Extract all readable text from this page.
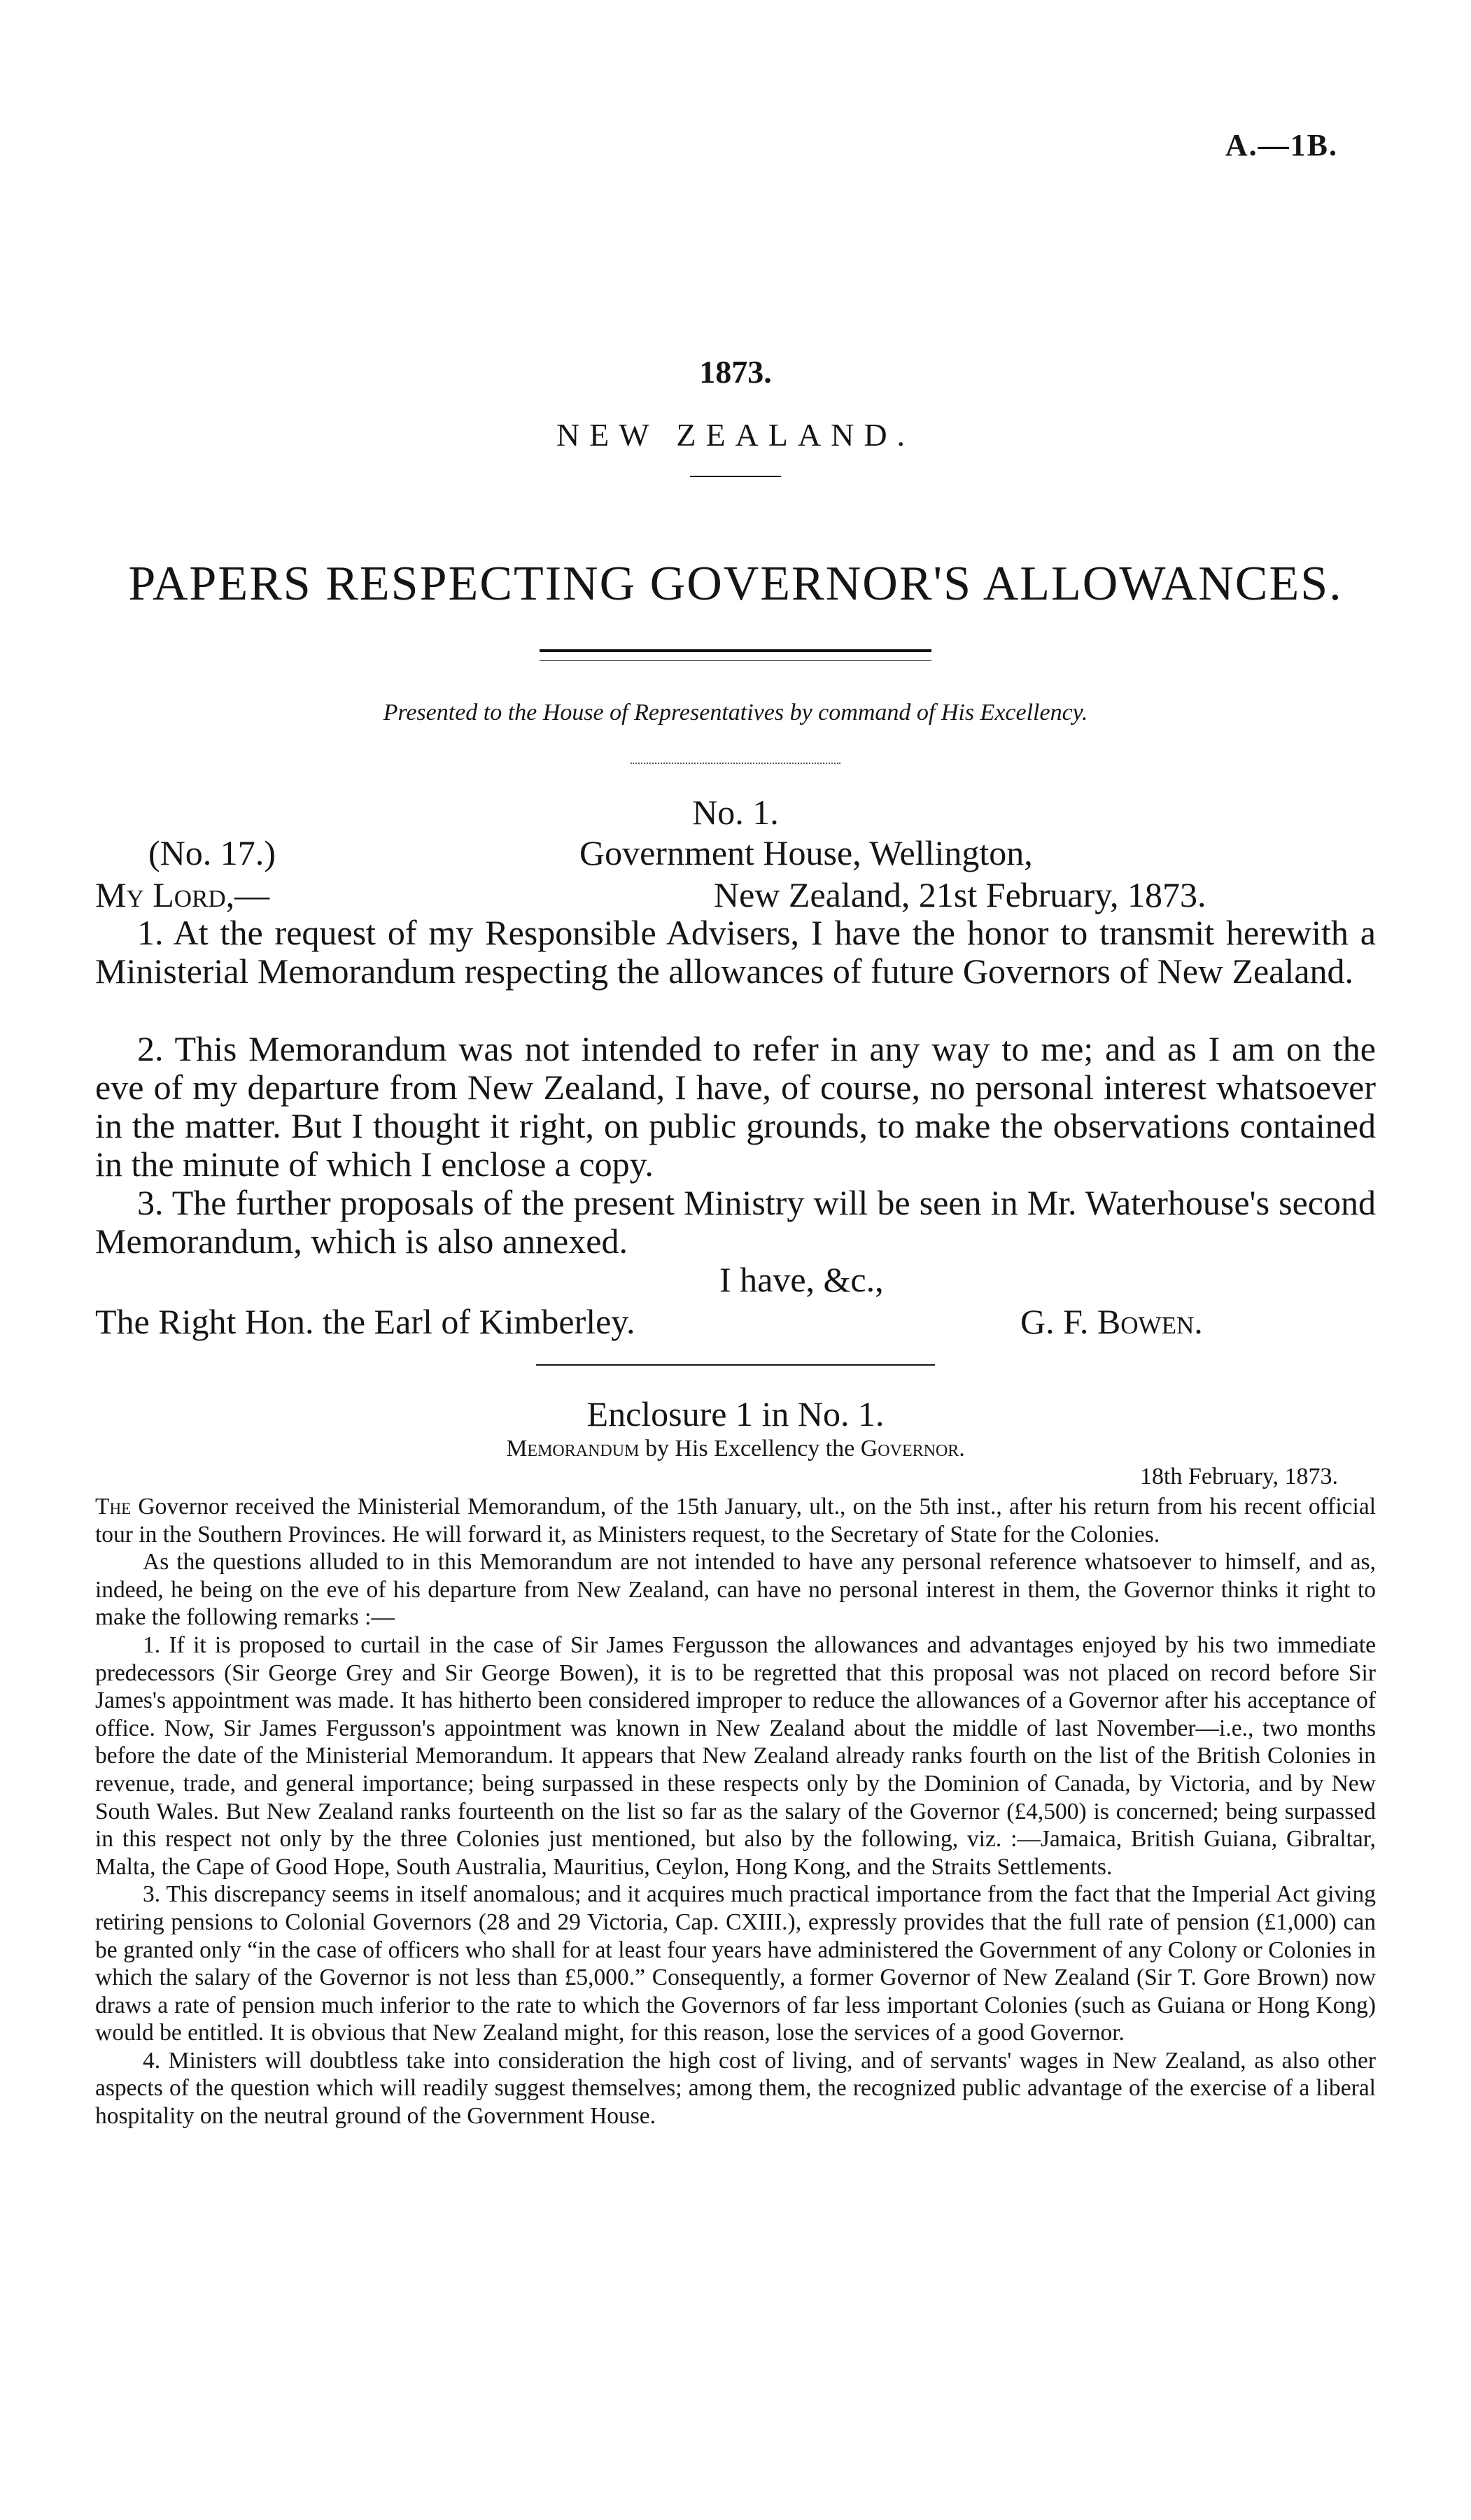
A.—1B.
1873.
NEW ZEALAND.
PAPERS RESPECTING GOVERNOR'S ALLOWANCES.
Presented to the House of Representatives by command of His Excellency.
No. 1.
(No. 17.)	Government House, Wellington,
My Lord,—	New Zealand, 21st February, 1873.
1. At the request of my Responsible Advisers, I have the honor to transmit herewith a Ministerial Memorandum respecting the allowances of future Governors of New Zealand.
2. This Memorandum was not intended to refer in any way to me; and as I am on the eve of my departure from New Zealand, I have, of course, no personal interest whatsoever in the matter. But I thought it right, on public grounds, to make the observations contained in the minute of which I enclose a copy.
3. The further proposals of the present Ministry will be seen in Mr. Waterhouse's second Memorandum, which is also annexed.
I have, &c.,
The Right Hon. the Earl of Kimberley.	G. F. Bowen.
Enclosure 1 in No. 1.
Memorandum by His Excellency the Governor.
18th February, 1873.

The Governor received the Ministerial Memorandum, of the 15th January, ult., on the 5th inst., after his return from his recent official tour in the Southern Provinces. He will forward it, as Ministers request, to the Secretary of State for the Colonies.

As the questions alluded to in this Memorandum are not intended to have any personal reference whatsoever to himself, and as, indeed, he being on the eve of his departure from New Zealand, can have no personal interest in them, the Governor thinks it right to make the following remarks :—

1. If it is proposed to curtail in the case of Sir James Fergusson the allowances and advantages enjoyed by his two immediate predecessors (Sir George Grey and Sir George Bowen), it is to be regretted that this proposal was not placed on record before Sir James's appointment was made. It has hitherto been considered improper to reduce the allowances of a Governor after his acceptance of office. Now, Sir James Fergusson's appointment was known in New Zealand about the middle of last November—i.e., two months before the date of the Ministerial Memorandum. It appears that New Zealand already ranks fourth on the list of the British Colonies in revenue, trade, and general importance; being surpassed in these respects only by the Dominion of Canada, by Victoria, and by New South Wales. But New Zealand ranks fourteenth on the list so far as the salary of the Governor (£4,500) is concerned; being surpassed in this respect not only by the three Colonies just mentioned, but also by the following, viz. :—Jamaica, British Guiana, Gibraltar, Malta, the Cape of Good Hope, South Australia, Mauritius, Ceylon, Hong Kong, and the Straits Settlements.

3. This discrepancy seems in itself anomalous; and it acquires much practical importance from the fact that the Imperial Act giving retiring pensions to Colonial Governors (28 and 29 Victoria, Cap. CXIII.), expressly provides that the full rate of pension (£1,000) can be granted only “in the case of officers who shall for at least four years have administered the Government of any Colony or Colonies in which the salary of the Governor is not less than £5,000.” Consequently, a former Governor of New Zealand (Sir T. Gore Brown) now draws a rate of pension much inferior to the rate to which the Governors of far less important Colonies (such as Guiana or Hong Kong) would be entitled. It is obvious that New Zealand might, for this reason, lose the services of a good Governor.

4. Ministers will doubtless take into consideration the high cost of living, and of servants' wages in New Zealand, as also other aspects of the question which will readily suggest themselves; among them, the recognized public advantage of the exercise of a liberal hospitality on the neutral ground of the Government House.
